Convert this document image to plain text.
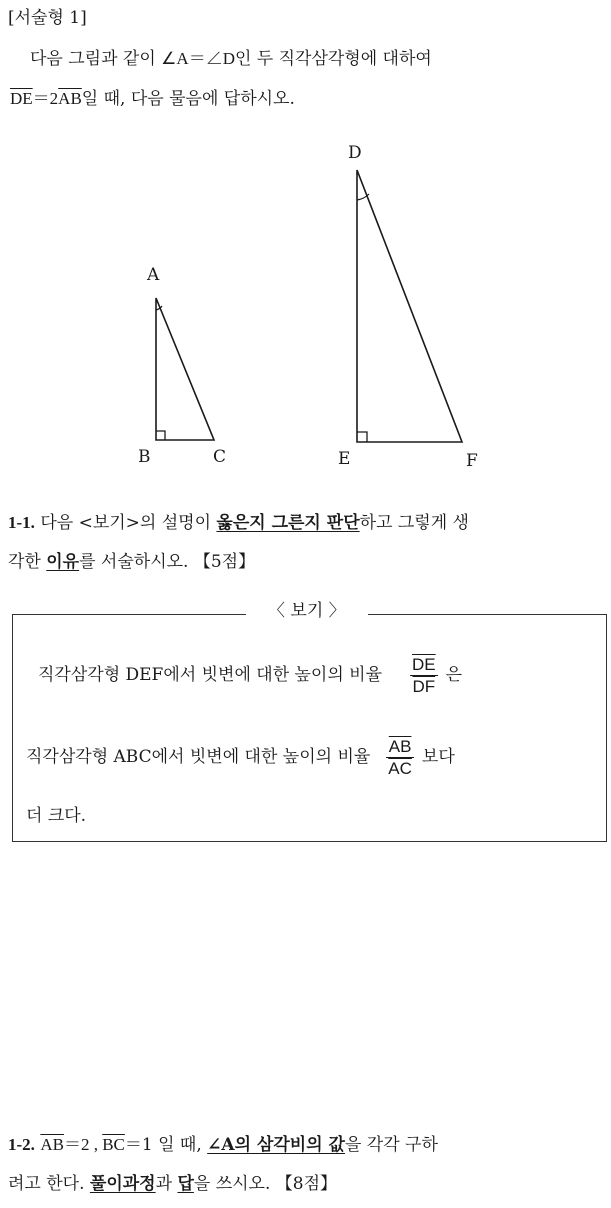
[서술형 1]
다음 그림과 같이 ∠A＝∠D인 두 직각삼각형에 대하여
$\overline{DE}=2\overline{AB}$일 때, 다음 물음에 답하시오.
A
B	C
D
E	F
1-1. 다음 <보기>의 설명이 옳은지 그른지 판단하고 그렇게 생
각한 이유를 서술하시오. 【5점】
〈 보기 〉
직각삼각형 DEF에서 빗변에 대한 높이의 비율 $\frac{\overline{DE}}{DF}$ 은
직각삼각형 ABC에서 빗변에 대한 높이의 비율 $\frac{\overline{AB}}{AC}$ 보다
더 크다.
1-2. $\overline{AB}=2$ , $\overline{BC}=1$ 일 때, ∠A의 삼각비의 값을 각각 구하
려고 한다. 풀이과정과 답을 쓰시오. 【8점】
